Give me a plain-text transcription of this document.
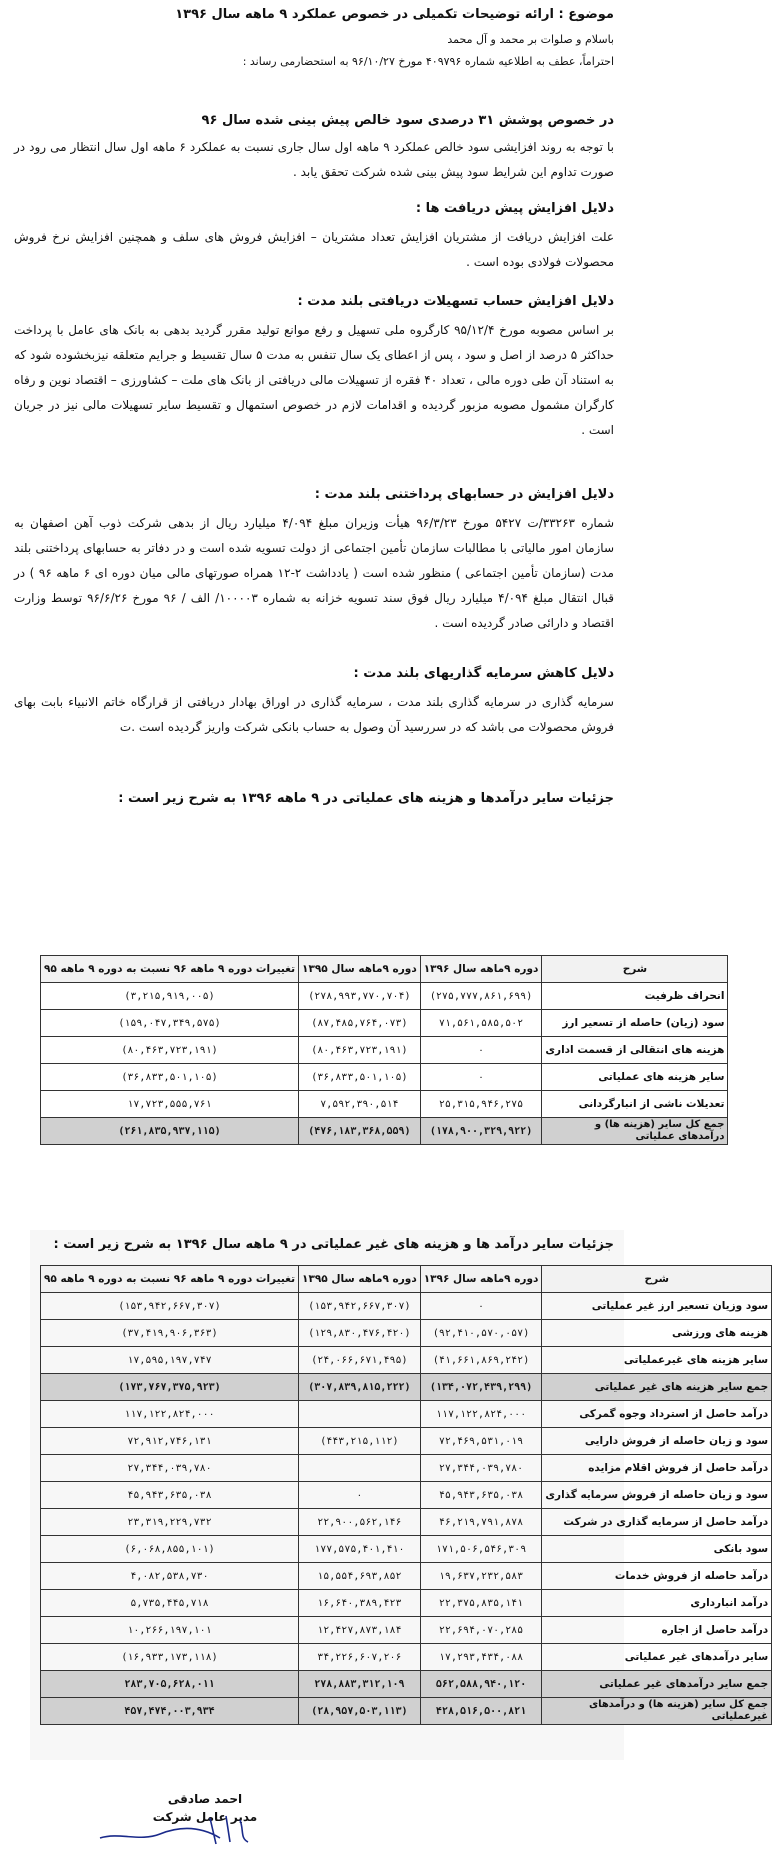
موضوع : ارائه توضیحات تکمیلی در خصوص عملکرد ۹ ماهه سال ۱۳۹۶
باسلام و صلوات بر محمد و آل محمد
احتراماً، عطف به اطلاعیه شماره ۴۰۹۷۹۶ مورخ ۹۶/۱۰/۲۷ به استحضارمی رساند :
در خصوص پوشش ۳۱ درصدی سود خالص پیش بینی شده سال ۹۶
با توجه به روند افزایشی سود خالص عملکرد ۹ ماهه اول سال جاری نسبت به عملکرد ۶ ماهه اول سال انتظار می رود در صورت تداوم این شرایط سود پیش بینی شده شرکت تحقق یابد .
دلایل افزایش پیش دریافت ها :
علت افزایش دریافت از مشتریان افزایش تعداد مشتریان – افزایش فروش های سلف و همچنین افزایش نرخ فروش محصولات فولادی بوده است .
دلایل افزایش حساب تسهیلات دریافتی بلند مدت :
بر اساس مصوبه مورخ ۹۵/۱۲/۴ کارگروه ملی تسهیل و رفع موانع تولید مقرر گردید بدهی به بانک های عامل با پرداخت حداکثر ۵ درصد از اصل و سود ، پس از اعطای یک سال تنفس به مدت ۵ سال تقسیط و جرایم متعلقه نیزبخشوده شود که به استناد آن طی دوره مالی ، تعداد ۴۰ فقره از تسهیلات مالی دریافتی از بانک های ملت – کشاورزی – اقتصاد نوین و رفاه کارگران مشمول مصوبه مزبور گردیده و اقدامات لازم در خصوص استمهال و تقسیط سایر تسهیلات مالی نیز در جریان است .
دلایل افزایش در حسابهای پرداختنی بلند مدت :
شماره ۳۳۲۶۳/ت ۵۴۲۷ مورخ ۹۶/۳/۲۳ هیأت وزیران مبلغ ۴/۰۹۴ میلیارد ریال از بدهی شرکت ذوب آهن اصفهان به سازمان امور مالیاتی با مطالبات سازمان تأمین اجتماعی از دولت تسویه شده است و در دفاتر به حسابهای پرداختنی بلند مدت (سازمان تأمین اجتماعی ) منظور شده است ( یادداشت ۲-۱۲ همراه صورتهای مالی میان دوره ای ۶ ماهه ۹۶ ) در قبال انتقال مبلغ ۴/۰۹۴ میلیارد ریال فوق سند تسویه خزانه به شماره ۱۰۰۰۰۳/ الف / ۹۶ مورخ ۹۶/۶/۲۶ توسط وزارت اقتصاد و دارائی صادر گردیده است .
دلایل کاهش سرمایه گذاریهای بلند مدت :
سرمایه گذاری در سرمایه گذاری بلند مدت ، سرمایه گذاری در اوراق بهادار دریافتی از قرارگاه خاتم الانبیاء بابت بهای فروش محصولات می باشد که در سررسید آن وصول به حساب بانکی شرکت واریز گردیده است .ت
جزئیات سایر درآمدها و هزینه های عملیاتی در ۹ ماهه ۱۳۹۶ به شرح زیر است :
شرح	دوره ۹ماهه سال ۱۳۹۶	دوره ۹ماهه سال ۱۳۹۵	تغییرات دوره ۹ ماهه ۹۶ نسبت به دوره ۹ ماهه ۹۵
انحراف ظرفیت	(۲۷۵,۷۷۷,۸۶۱,۶۹۹)	(۲۷۸,۹۹۳,۷۷۰,۷۰۴)	(۳,۲۱۵,۹۱۹,۰۰۵)
سود (زیان) حاصله از تسعیر ارز	۷۱,۵۶۱,۵۸۵,۵۰۲	(۸۷,۴۸۵,۷۶۴,۰۷۳)	(۱۵۹,۰۴۷,۳۴۹,۵۷۵)
هزینه های انتقالی از قسمت اداری	۰	(۸۰,۴۶۳,۷۲۳,۱۹۱)	(۸۰,۴۶۳,۷۲۳,۱۹۱)
سایر هزینه های عملیاتی	۰	(۳۶,۸۳۳,۵۰۱,۱۰۵)	(۳۶,۸۳۳,۵۰۱,۱۰۵)
تعدیلات ناشی از انبارگردانی	۲۵,۳۱۵,۹۴۶,۲۷۵	۷,۵۹۲,۳۹۰,۵۱۴	۱۷,۷۲۳,۵۵۵,۷۶۱
جمع کل سایر (هزینه ها) و درآمدهای عملیاتی	(۱۷۸,۹۰۰,۳۲۹,۹۲۲)	(۴۷۶,۱۸۳,۳۶۸,۵۵۹)	(۲۶۱,۸۳۵,۹۳۷,۱۱۵)
جزئیات سایر درآمد ها و هزینه های غیر عملیاتی در ۹ ماهه سال ۱۳۹۶ به شرح زیر است :
شرح	دوره ۹ماهه سال ۱۳۹۶	دوره ۹ماهه سال ۱۳۹۵	تغییرات دوره ۹ ماهه ۹۶ نسبت به دوره ۹ ماهه ۹۵
سود وزیان تسعیر ارز غیر عملیاتی	۰	(۱۵۳,۹۴۲,۶۶۷,۳۰۷)	(۱۵۳,۹۴۲,۶۶۷,۳۰۷)
هزینه های ورزشی	(۹۲,۴۱۰,۵۷۰,۰۵۷)	(۱۲۹,۸۳۰,۴۷۶,۴۲۰)	(۳۷,۴۱۹,۹۰۶,۳۶۳)
سایر هزینه های غیرعملیاتی	(۴۱,۶۶۱,۸۶۹,۲۴۲)	(۲۴,۰۶۶,۶۷۱,۴۹۵)	۱۷,۵۹۵,۱۹۷,۷۴۷
جمع سایر هزینه های غیر عملیاتی	(۱۳۴,۰۷۲,۴۳۹,۲۹۹)	(۳۰۷,۸۳۹,۸۱۵,۲۲۲)	(۱۷۳,۷۶۷,۳۷۵,۹۲۳)
درآمد حاصل از استرداد وجوه گمرکی	۱۱۷,۱۲۲,۸۲۴,۰۰۰		۱۱۷,۱۲۲,۸۲۴,۰۰۰
سود و زیان حاصله از فروش دارایی	۷۲,۴۶۹,۵۳۱,۰۱۹	(۴۴۳,۲۱۵,۱۱۲)	۷۲,۹۱۲,۷۴۶,۱۳۱
درآمد حاصل از فروش اقلام مزایده	۲۷,۳۴۴,۰۳۹,۷۸۰		۲۷,۳۴۴,۰۳۹,۷۸۰
سود و زیان حاصله از فروش سرمایه گذاری	۴۵,۹۴۳,۶۳۵,۰۳۸	۰	۴۵,۹۴۳,۶۳۵,۰۳۸
درآمد حاصل از سرمایه گذاری در شرکت	۴۶,۲۱۹,۷۹۱,۸۷۸	۲۲,۹۰۰,۵۶۲,۱۴۶	۲۳,۳۱۹,۲۲۹,۷۳۲
سود بانکی	۱۷۱,۵۰۶,۵۴۶,۳۰۹	۱۷۷,۵۷۵,۴۰۱,۴۱۰	(۶,۰۶۸,۸۵۵,۱۰۱)
درآمد حاصله از فروش خدمات	۱۹,۶۳۷,۲۳۲,۵۸۳	۱۵,۵۵۴,۶۹۳,۸۵۲	۴,۰۸۲,۵۳۸,۷۳۰
درآمد انبارداری	۲۲,۳۷۵,۸۳۵,۱۴۱	۱۶,۶۴۰,۳۸۹,۴۲۳	۵,۷۳۵,۴۴۵,۷۱۸
درآمد حاصل از اجاره	۲۲,۶۹۴,۰۷۰,۲۸۵	۱۲,۴۲۷,۸۷۳,۱۸۴	۱۰,۲۶۶,۱۹۷,۱۰۱
سایر درآمدهای غیر عملیاتی	۱۷,۲۹۳,۴۳۴,۰۸۸	۳۴,۲۲۶,۶۰۷,۲۰۶	(۱۶,۹۳۳,۱۷۳,۱۱۸)
جمع سایر درآمدهای غیر عملیاتی	۵۶۲,۵۸۸,۹۴۰,۱۲۰	۲۷۸,۸۸۳,۳۱۲,۱۰۹	۲۸۳,۷۰۵,۶۲۸,۰۱۱
جمع کل سایر (هزینه ها) و درآمدهای غیرعملیاتی	۴۲۸,۵۱۶,۵۰۰,۸۲۱	(۲۸,۹۵۷,۵۰۳,۱۱۳)	۴۵۷,۴۷۴,۰۰۳,۹۳۴
احمد صادقی
مدیر عامل شرکت
